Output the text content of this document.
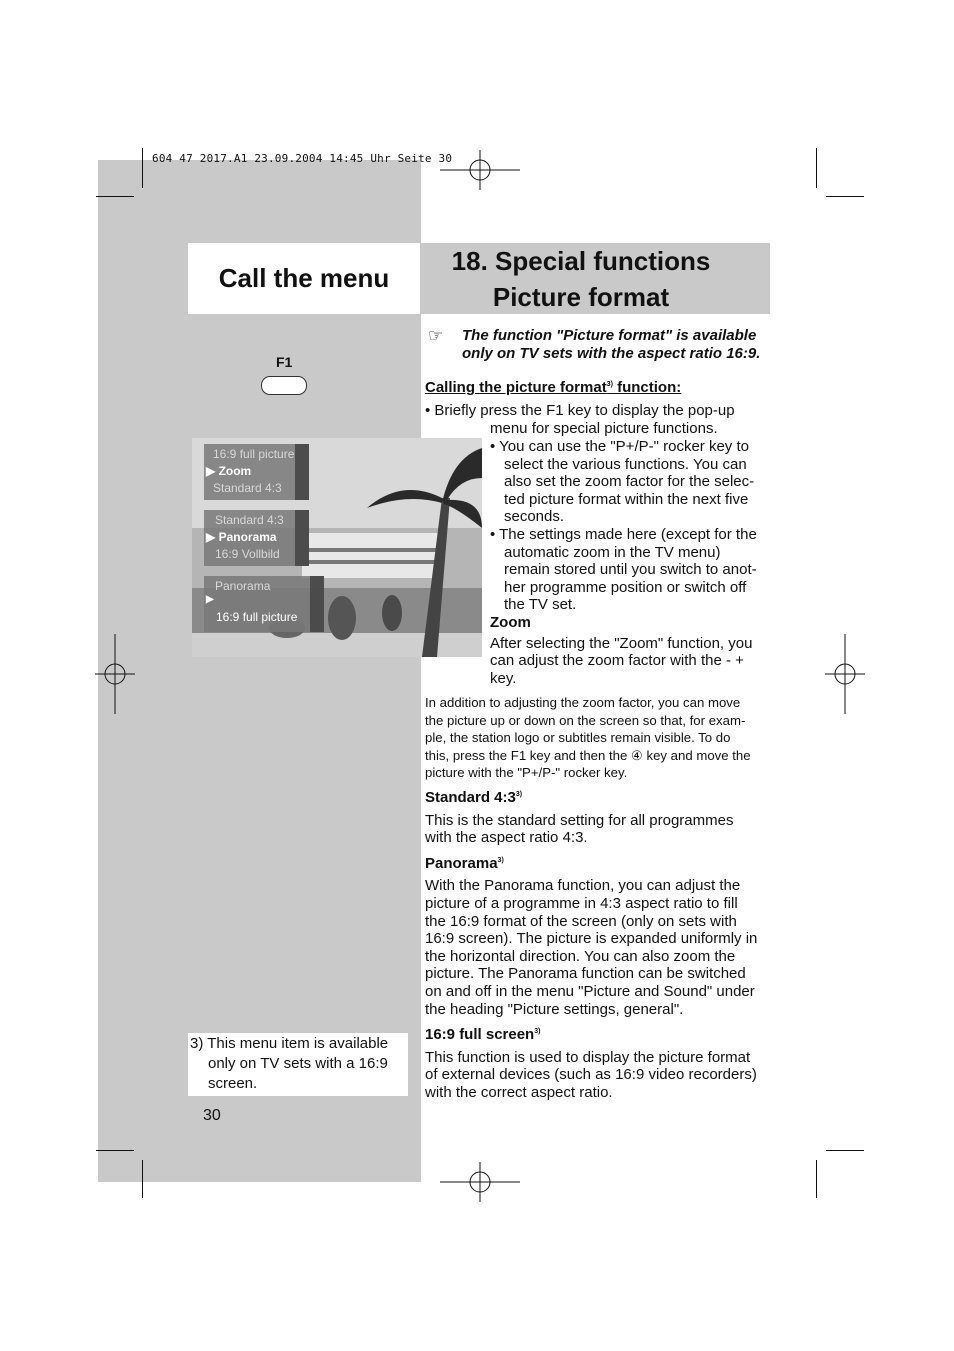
604 47 2017.A1 23.09.2004 14:45 Uhr Seite 30
Call the menu
18. Special functions
Picture format
F1
16:9 full picture
▶ Zoom
Standard 4:3
Standard 4:3
▶ Panorama
16:9 Vollbild
Panorama
▶
16:9 full picture
☞ The function "Picture format" is available
only on TV sets with the aspect ratio 16:9.
Calling the picture format$^{3)}$ function:
• Briefly press the F1 key to display the pop-up
menu for special picture functions.
• You can use the "P+/P-" rocker key to
select the various functions. You can
also set the zoom factor for the selec-
ted picture format within the next five
seconds.
• The settings made here (except for the
automatic zoom in the TV menu)
remain stored until you switch to anot-
her programme position or switch off
the TV set.
Zoom
After selecting the "Zoom" function, you
can adjust the zoom factor with the - +
key.
In addition to adjusting the zoom factor, you can move
the picture up or down on the screen so that, for exam-
ple, the station logo or subtitles remain visible. To do
this, press the F1 key and then the ④ key and move the
picture with the "P+/P-" rocker key.
Standard 4:3$^{3)}$
This is the standard setting for all programmes
with the aspect ratio 4:3.
Panorama$^{3)}$
With the Panorama function, you can adjust the
picture of a programme in 4:3 aspect ratio to fill
the 16:9 format of the screen (only on sets with
16:9 screen). The picture is expanded uniformly in
the horizontal direction. You can also zoom the
picture. The Panorama function can be switched
on and off in the menu "Picture and Sound" under
the heading "Picture settings, general".
16:9 full screen$^{3)}$
This function is used to display the picture format
of external devices (such as 16:9 video recorders)
with the correct aspect ratio.
3) This menu item is available
only on TV sets with a 16:9
screen.
30
